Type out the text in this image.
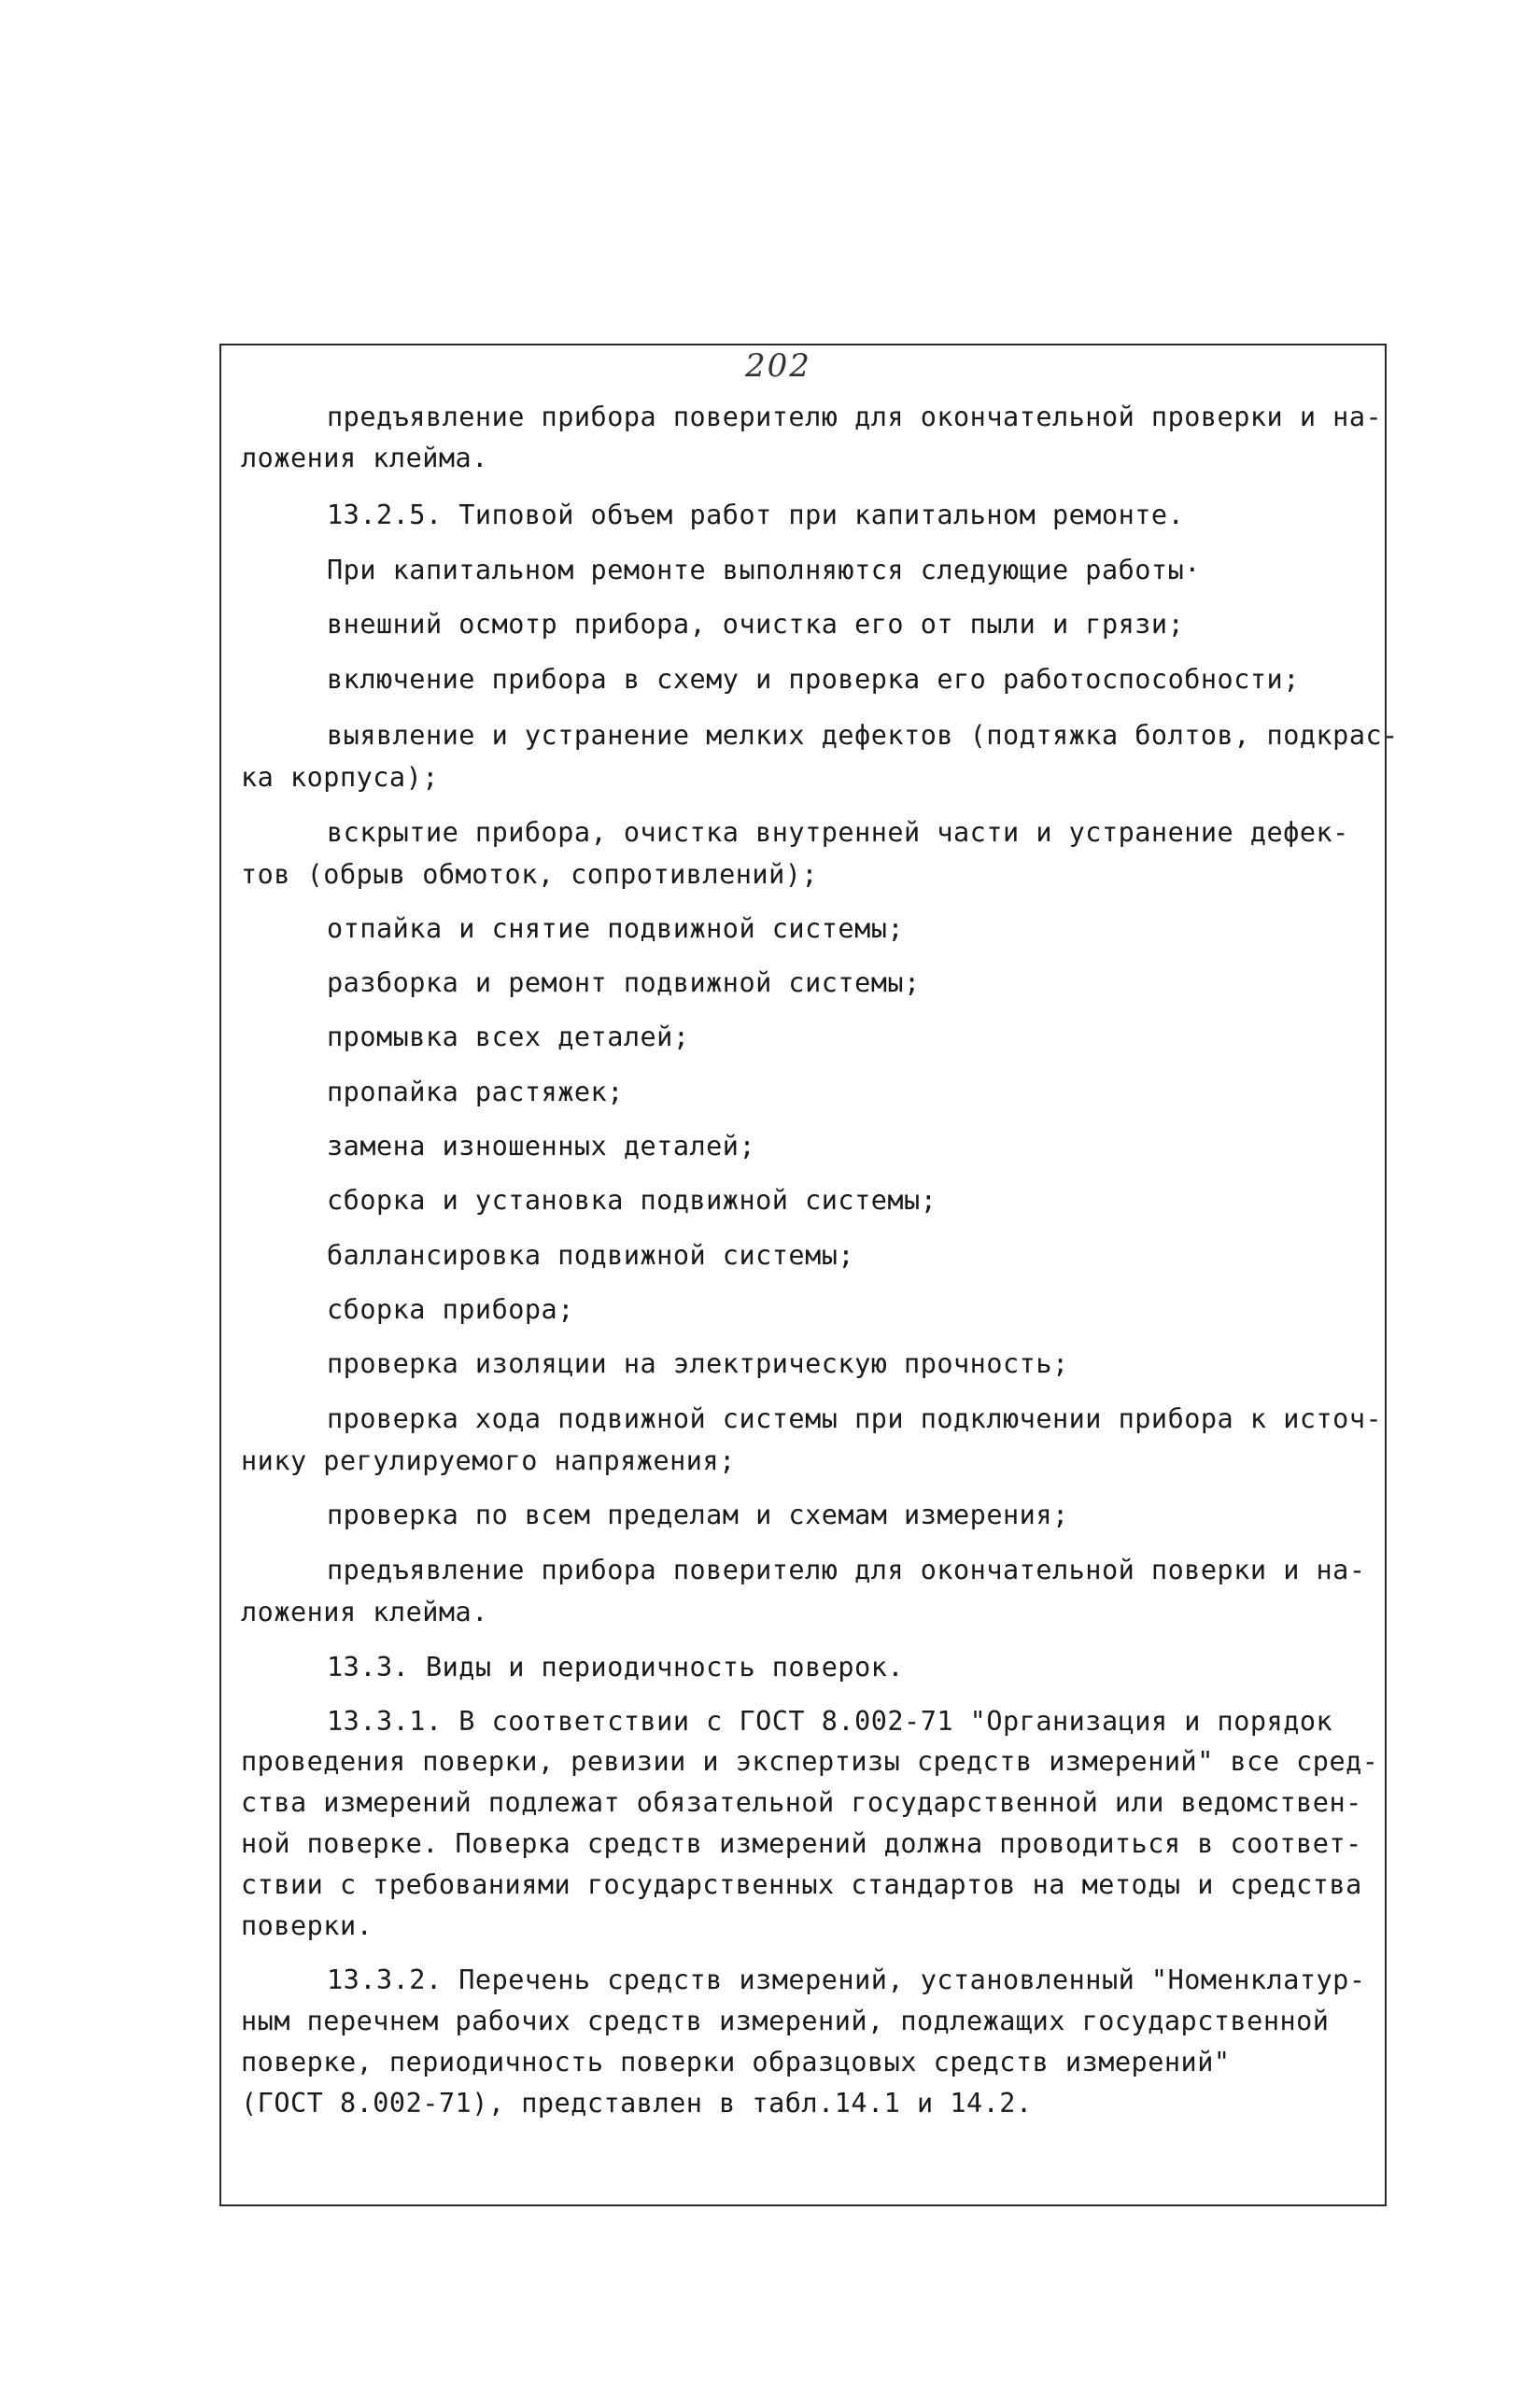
202
предъявление прибора поверителю для окончательной проверки и на-
ложения клейма.
13.2.5. Типовой объем работ при капитальном ремонте.
При капитальном ремонте выполняются следующие работы·
внешний осмотр прибора, очистка его от пыли и грязи;
включение прибора в схему и проверка его работоспособности;
выявление и устранение мелких дефектов (подтяжка болтов, подкрас-
ка корпуса);
вскрытие прибора, очистка внутренней части и устранение дефек-
тов (обрыв обмоток, сопротивлений);
отпайка и снятие подвижной системы;
разборка и ремонт подвижной системы;
промывка всех деталей;
пропайка растяжек;
замена изношенных деталей;
сборка и установка подвижной системы;
баллансировка подвижной системы;
сборка прибора;
проверка изоляции на электрическую прочность;
проверка хода подвижной системы при подключении прибора к источ-
нику регулируемого напряжения;
проверка по всем пределам и схемам измерения;
предъявление прибора поверителю для окончательной поверки и на-
ложения клейма.
13.3. Виды и периодичность поверок.
13.3.1. В соответствии с ГОСТ 8.002-71 "Организация и порядок
проведения поверки, ревизии и экспертизы средств измерений" все сред-
ства измерений подлежат обязательной государственной или ведомствен-
ной поверке. Поверка средств измерений должна проводиться в соответ-
ствии с требованиями государственных стандартов на методы и средства
поверки.
13.3.2. Перечень средств измерений, установленный "Номенклатур-
ным перечнем рабочих средств измерений, подлежащих государственной
поверке, периодичность поверки образцовых средств измерений"
(ГОСТ 8.002-71), представлен в табл.14.1 и 14.2.
